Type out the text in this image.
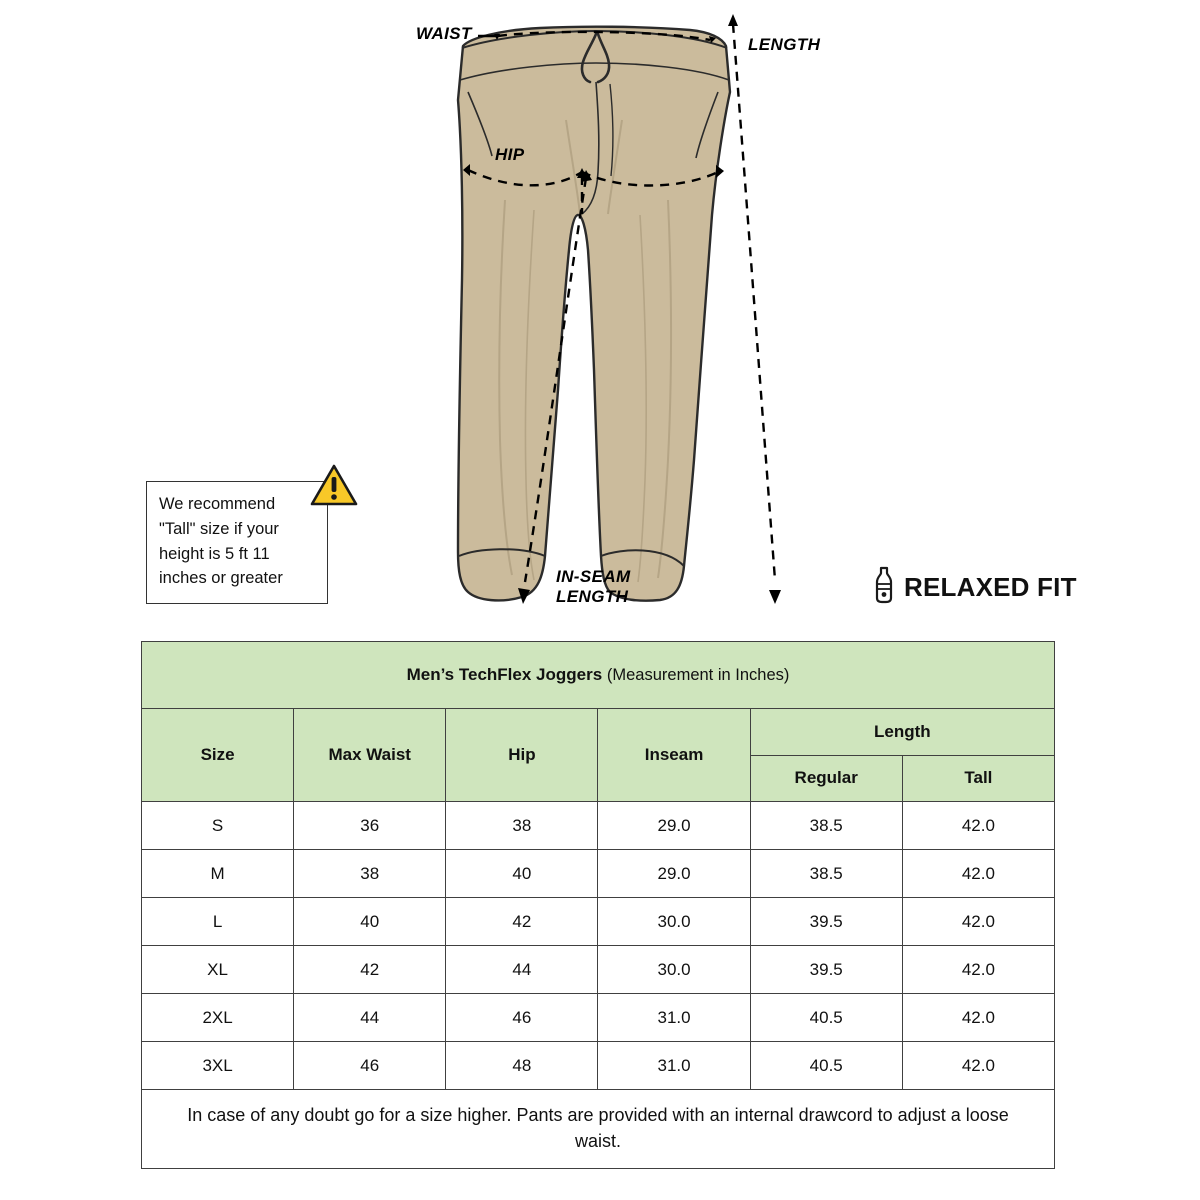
WAIST
LENGTH
HIP
IN-SEAM
LENGTH
We recommend "Tall" size if your height is 5 ft 11 inches or greater	RELAXED FIT
Men’s TechFlex Joggers (Measurement in Inches)					
Size	Max Waist	Hip	Inseam	Length	
				Regular	Tall
S	36	38	29.0	38.5	42.0
M	38	40	29.0	38.5	42.0
L	40	42	30.0	39.5	42.0
XL	42	44	30.0	39.5	42.0
2XL	44	46	31.0	40.5	42.0
3XL	46	48	31.0	40.5	42.0
In case of any doubt go for a size higher. Pants are provided with an internal drawcord to adjust a loose waist.
